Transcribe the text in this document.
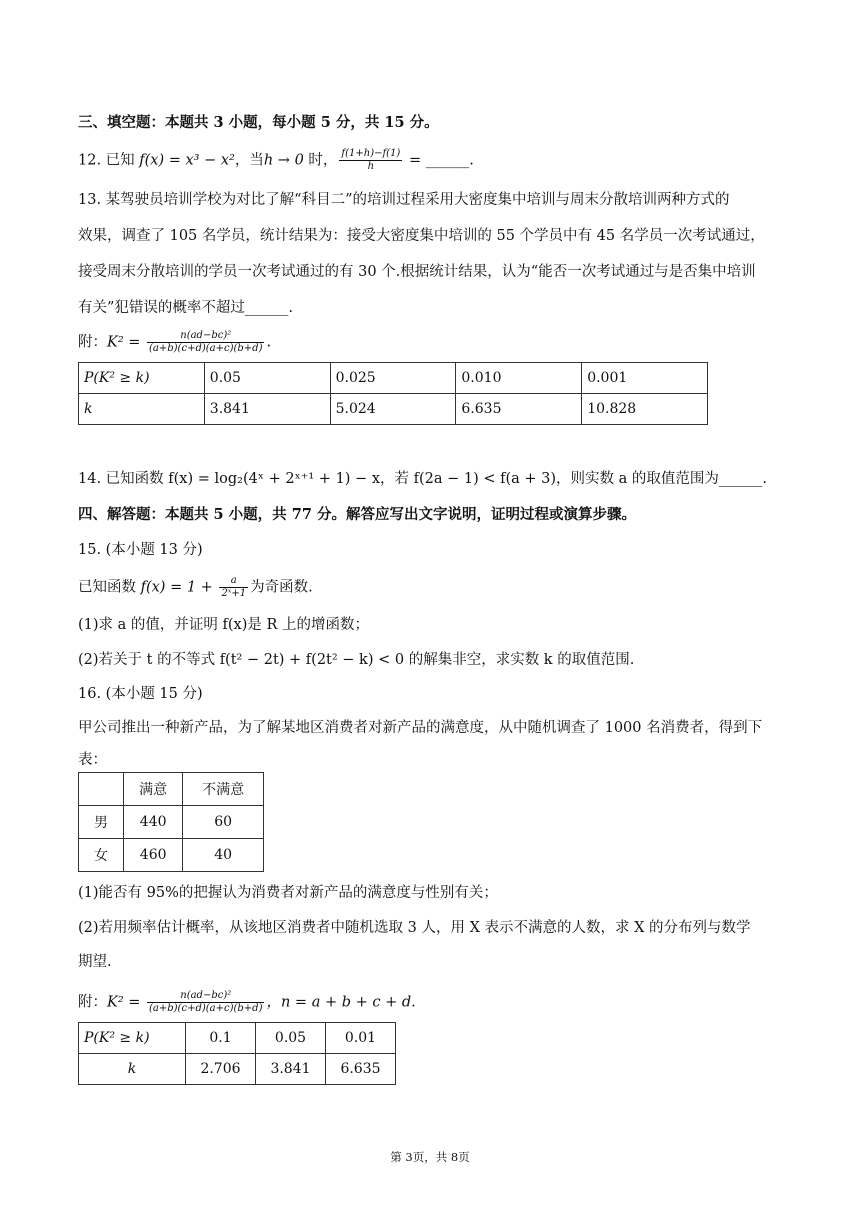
三、填空题：本题共 3 小题，每小题 5 分，共 15 分。
12. 已知 f(x) = x³ − x²，当h → 0 时， $\frac{f(1+h)-f(1)}{h}$ = ______.
13. 某驾驶员培训学校为对比了解“科目二”的培训过程采用大密度集中培训与周末分散培训两种方式的
效果，调查了 105 名学员，统计结果为：接受大密度集中培训的 55 个学员中有 45 名学员一次考试通过，
接受周末分散培训的学员一次考试通过的有 30 个.根据统计结果，认为“能否一次考试通过与是否集中培训
有关”犯错误的概率不超过______.
附：$K^2 = \frac{\text{n(ad−bc)²}}{(a+b)(c+d)(a+c)(b+d)}$ .
P(K² ≥ k)	0.05	0.025	0.010	0.001
k	3.841	5.024	6.635	10.828
14. 已知函数 f(x) = log₂(4ˣ + 2ˣ⁺¹ + 1) − x，若 f(2a − 1) < f(a + 3)，则实数 a 的取值范围为______.
四、解答题：本题共 5 小题，共 77 分。解答应写出文字说明，证明过程或演算步骤。
15. (本小题 13 分)
已知函数 $f(x) = 1 + \frac{a}{\text{2ˣ+1}}$ 为奇函数.
(1)求 a 的值，并证明 f(x)是 R 上的增函数；
(2)若关于 t 的不等式 f(t² − 2t) + f(2t² − k) < 0 的解集非空，求实数 k 的取值范围.
16. (本小题 15 分)
甲公司推出一种新产品，为了解某地区消费者对新产品的满意度，从中随机调查了 1000 名消费者，得到下
表：
	满意	不满意
男	440	60
女	460	40
(1)能否有 95%的把握认为消费者对新产品的满意度与性别有关；
(2)若用频率估计概率，从该地区消费者中随机选取 3 人，用 X 表示不满意的人数，求 X 的分布列与数学
期望.
附：$K^2 = \frac{\text{n(ad−bc)²}}{(a+b)(c+d)(a+c)(b+d)}$ ，n = a + b + c + d.
P(K² ≥ k)	0.1	0.05	0.01
k	2.706	3.841	6.635
第 3页，共 8页
